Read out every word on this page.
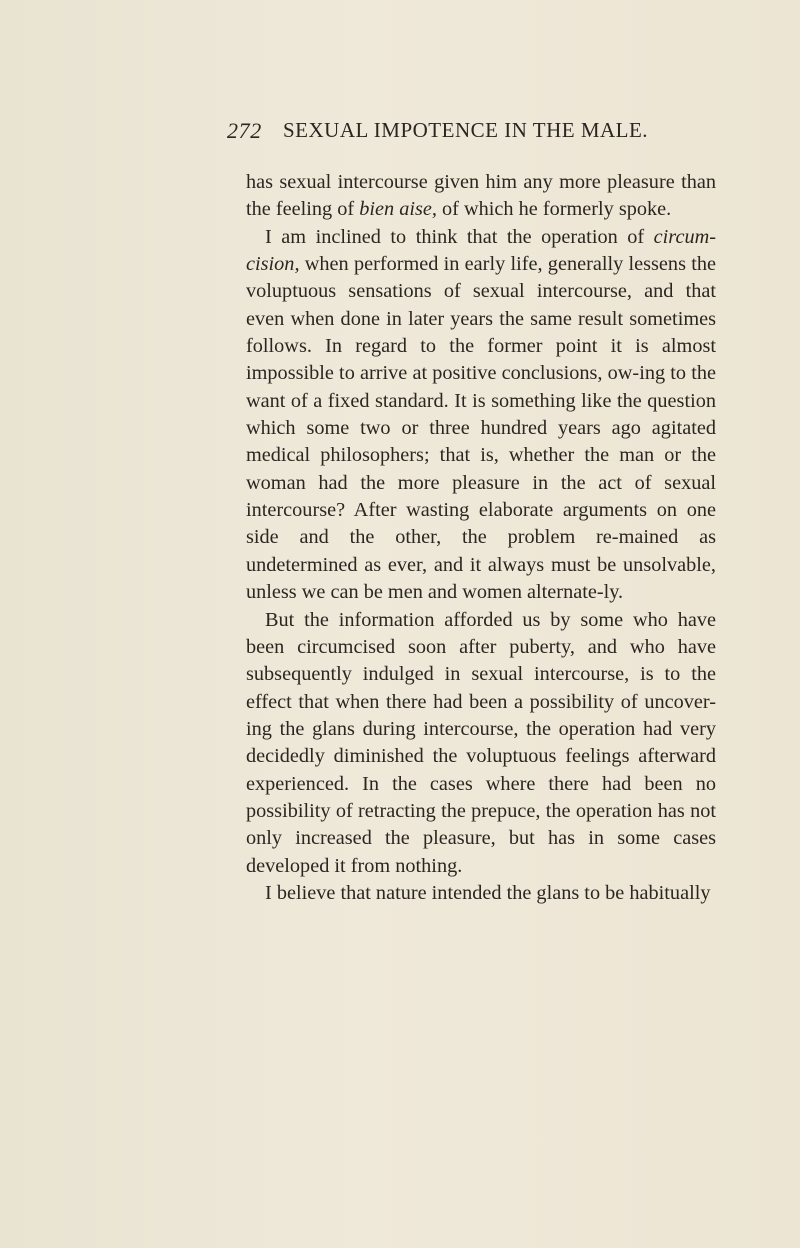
272 SEXUAL IMPOTENCE IN THE MALE.

has sexual intercourse given him any more pleasure than the feeling of bien aise, of which he formerly spoke.

I am inclined to think that the operation of circum-cision, when performed in early life, generally lessens the voluptuous sensations of sexual intercourse, and that even when done in later years the same result sometimes follows. In regard to the former point it is almost impossible to arrive at positive conclusions, ow-ing to the want of a fixed standard. It is something like the question which some two or three hundred years ago agitated medical philosophers; that is, whether the man or the woman had the more pleasure in the act of sexual intercourse? After wasting elaborate arguments on one side and the other, the problem re-mained as undetermined as ever, and it always must be unsolvable, unless we can be men and women alternate-ly.

But the information afforded us by some who have been circumcised soon after puberty, and who have subsequently indulged in sexual intercourse, is to the effect that when there had been a possibility of uncover-ing the glans during intercourse, the operation had very decidedly diminished the voluptuous feelings afterward experienced. In the cases where there had been no possibility of retracting the prepuce, the operation has not only increased the pleasure, but has in some cases developed it from nothing.

I believe that nature intended the glans to be habitually
